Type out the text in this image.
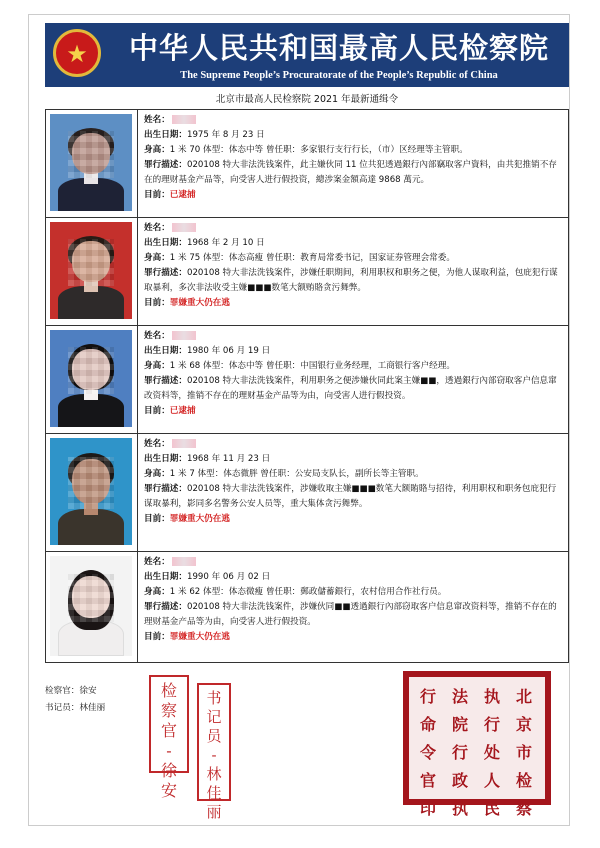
★	中华人民共和国最高人民检察院
The Supreme People’s Procuratorate of the People’s Republic of China
北京市最高人民检察院 2021 年最新通缉令
姓名：
出生日期：1975 年 8 月 23 日
身高：1 米 70 体型：体态中等 曾任职：多家银行支行行长，（市）区经理等主管职。
罪行描述：020108 特大非法洗钱案件，此主嫌伙同 11 位共犯透過銀行內部竊取客户資料，由共犯推销不存在的理财基金产品等，向受害人进行假投资，總涉案金額高達 9868 萬元。
目前：已逮捕
姓名：
出生日期：1968 年 2 月 10 日
身高：1 米 75 体型：体态高瘦 曾任职：教育局常委书记，国家证券管理会常委。
罪行描述：020108 特大非法洗钱案件，涉嫌任职期间，利用职权和职务之便，为他人谋取利益，包庇犯行谋取暴利，多次非法收受主嫌■■■数笔大额贿賂贪污舞弊。
目前：罪嫌重大仍在逃
姓名：
出生日期：1980 年 06 月 19 日
身高：1 米 68 体型：体态中等 曾任职：中国银行业务经理，工商银行客户经理。
罪行描述：020108 特大非法洗钱案件，利用职务之便涉嫌伙同此案主嫌■■，透過銀行內部窃取客户信息窜改资料等，推销不存在的理财基金产品等为由，向受害人进行假投资。
目前：已逮捕
姓名：
出生日期：1968 年 11 月 23 日
身高：1 米 7 体型：体态微胖 曾任职：公安局支队长，副所长等主管职。
罪行描述：020108 特大非法洗钱案件，涉嫌收取主嫌■■■数笔大额賄賂与招待，利用职权和职务包庇犯行谋取暴利，影同多名警务公安人员等，重大集体贪污舞弊。
目前：罪嫌重大仍在逃
姓名：
出生日期：1990 年 06 月 02 日
身高：1 米 62 体型：体态微瘦 曾任职：郵政儲蓄銀行，农村信用合作社行员。
罪行描述：020108 特大非法洗钱案件，涉嫌伙同■■透過銀行內部窃取客户信息窜改资料等，推销不存在的理财基金产品等为由，向受害人进行假投资。
目前：罪嫌重大仍在逃
检察官：徐安
书记员：林佳丽
检
察
官
-
徐
安
书
记
员
-
林
佳
丽
北
京
市
检
察
执
行
处
人
民
法
院
行
政
执
行
命
令
官
印
